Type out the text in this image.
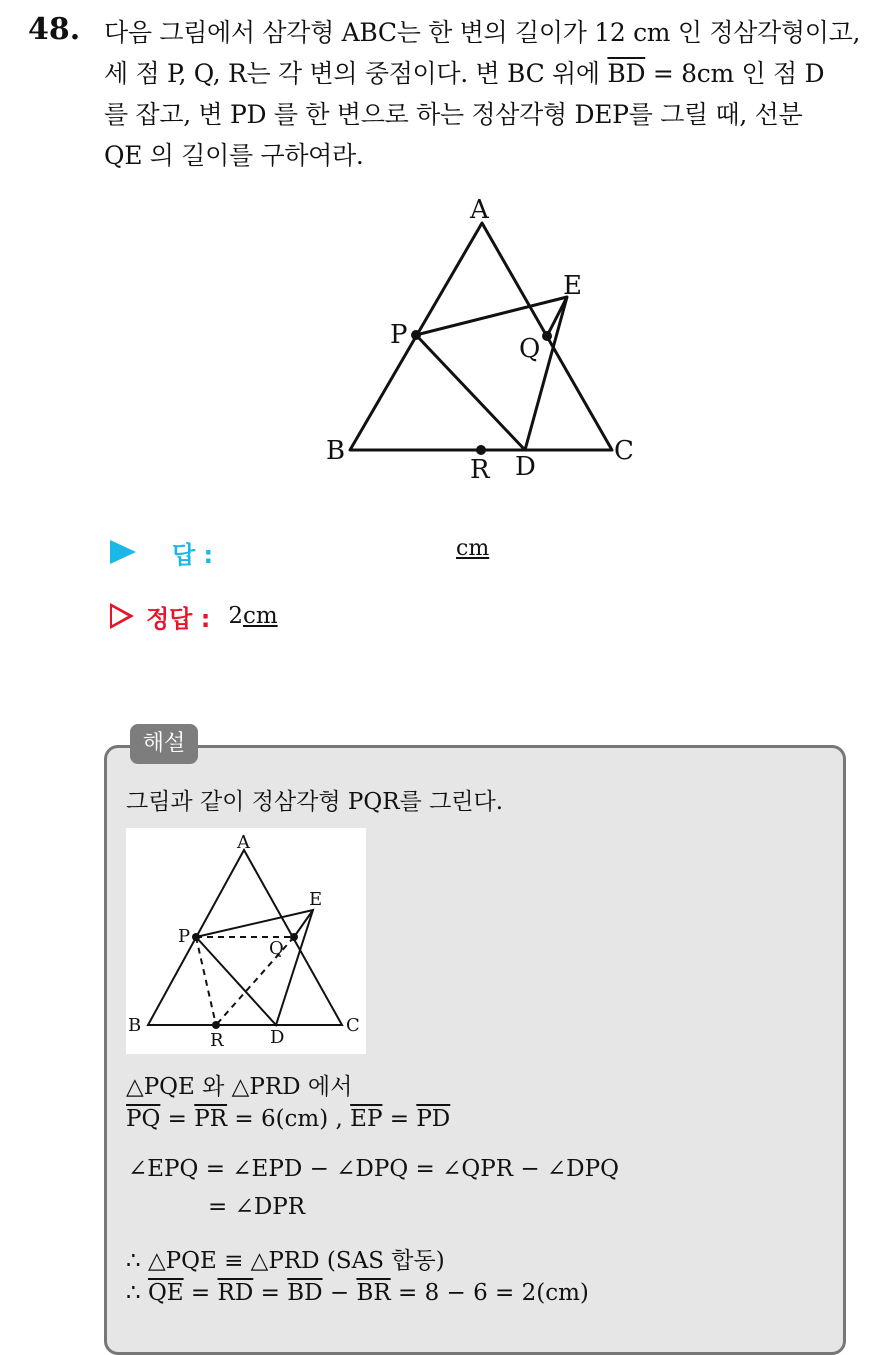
48. 다음 그림에서 삼각형 ABC는 한 변의 길이가 12 cm 인 정삼각형이고,
세 점 P, Q, R는 각 변의 중점이다. 변 BC 위에 $\overline{BD} = 8cm$ 인 점 D
를 잡고, 변 PD 를 한 변으로 하는 정삼각형 DEP를 그릴 때, 선분
QE 의 길이를 구하여라.
A
E
P	Q
B	C
R D
답 :	cm
정답 : 2cm
해설
그림과 같이 정삼각형 PQR를 그린다.
A
E
P
Q
B	C
R	D
△PQE 와 △PRD 에서
$\overline{PQ} = \overline{PR} = 6(cm)$ , $\overline{EP} = \overline{PD}$
∠EPQ = ∠EPD − ∠DPQ = ∠QPR − ∠DPQ
= ∠DPR
∴ △PQE ≡ △PRD (SAS 합동)
∴ $\overline{QE} = \overline{RD} = \overline{BD} - \overline{BR} = 8 - 6 = 2(cm)$
